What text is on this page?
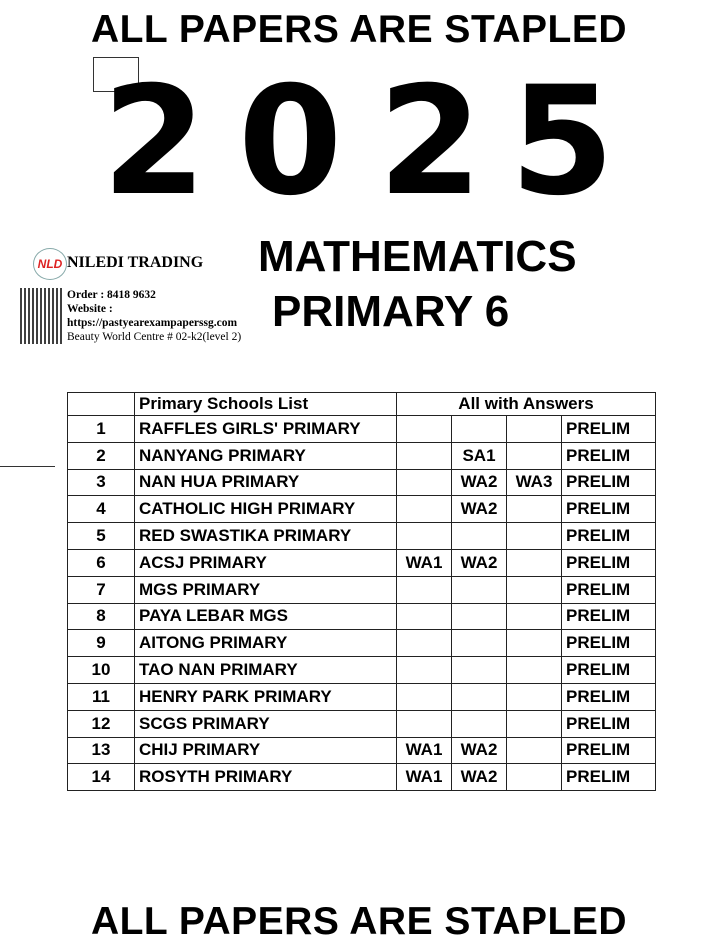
ALL PAPERS ARE STAPLED
2 0 2 5
NLD NILEDI TRADING
Order : 8418 9632
Website :
https://pastyearexampaperssg.com
Beauty World Centre # 02-k2(level 2)
MATHEMATICS
PRIMARY 6
	Primary Schools List	All with Answers			
1	RAFFLES GIRLS' PRIMARY				PRELIM
2	NANYANG PRIMARY		SA1		PRELIM
3	NAN HUA PRIMARY		WA2	WA3	PRELIM
4	CATHOLIC HIGH PRIMARY		WA2		PRELIM
5	RED SWASTIKA PRIMARY				PRELIM
6	ACSJ PRIMARY	WA1	WA2		PRELIM
7	MGS PRIMARY				PRELIM
8	PAYA LEBAR MGS				PRELIM
9	AITONG PRIMARY				PRELIM
10	TAO NAN PRIMARY				PRELIM
11	HENRY PARK PRIMARY				PRELIM
12	SCGS PRIMARY				PRELIM
13	CHIJ PRIMARY	WA1	WA2		PRELIM
14	ROSYTH PRIMARY	WA1	WA2		PRELIM
ALL PAPERS ARE STAPLED
